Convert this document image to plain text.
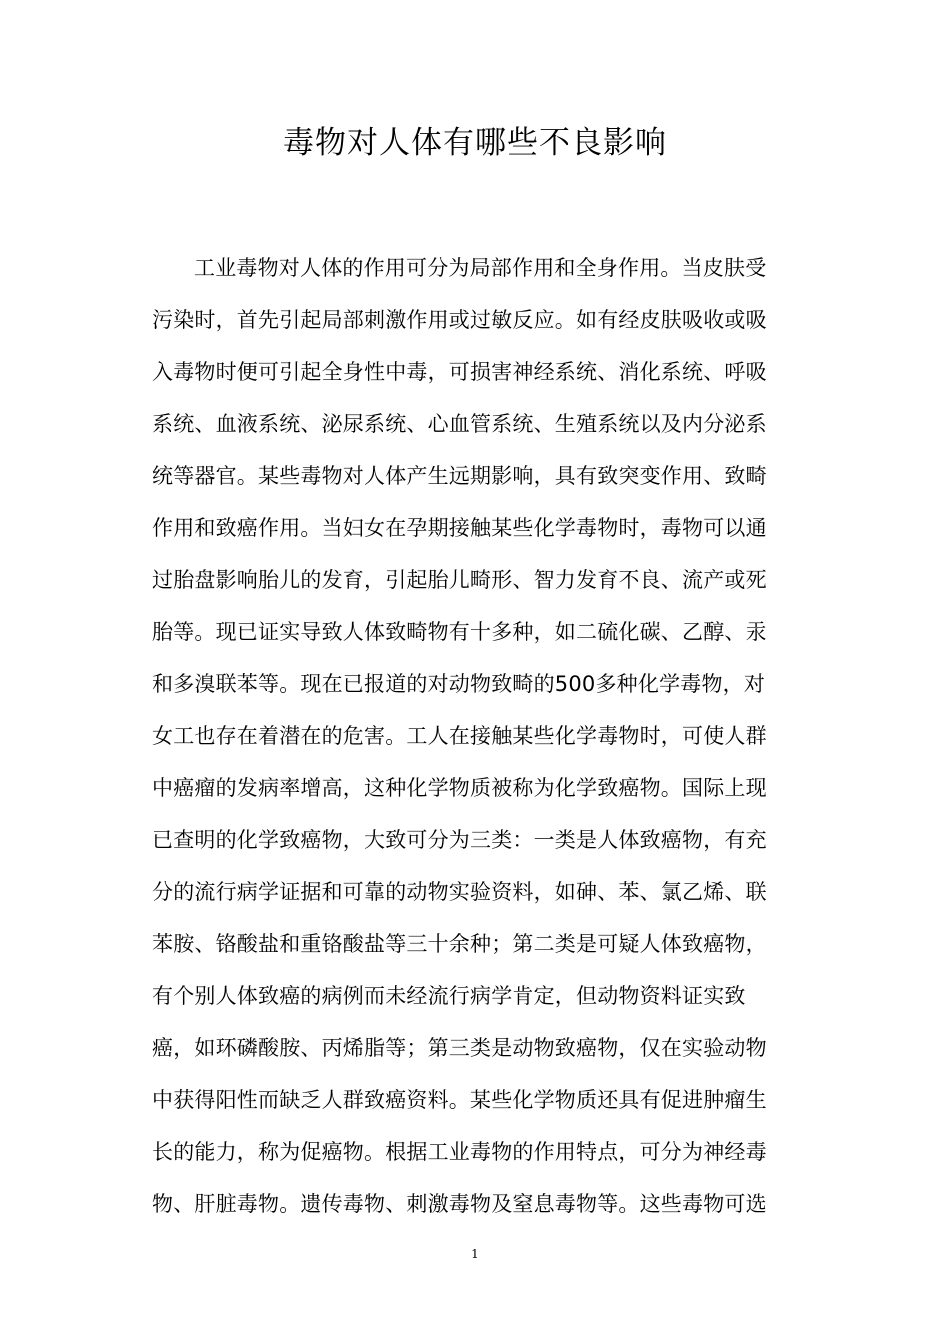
毒物对人体有哪些不良影响
工业毒物对人体的作用可分为局部作用和全身作用。当皮肤受
污染时，首先引起局部刺激作用或过敏反应。如有经皮肤吸收或吸
入毒物时便可引起全身性中毒，可损害神经系统、消化系统、呼吸
系统、血液系统、泌尿系统、心血管系统、生殖系统以及内分泌系
统等器官。某些毒物对人体产生远期影响，具有致突变作用、致畸
作用和致癌作用。当妇女在孕期接触某些化学毒物时，毒物可以通
过胎盘影响胎儿的发育，引起胎儿畸形、智力发育不良、流产或死
胎等。现已证实导致人体致畸物有十多种，如二硫化碳、乙醇、汞
和多溴联苯等。现在已报道的对动物致畸的500多种化学毒物，对
女工也存在着潜在的危害。工人在接触某些化学毒物时，可使人群
中癌瘤的发病率增高，这种化学物质被称为化学致癌物。国际上现
已查明的化学致癌物，大致可分为三类：一类是人体致癌物，有充
分的流行病学证据和可靠的动物实验资料，如砷、苯、氯乙烯、联
苯胺、铬酸盐和重铬酸盐等三十余种；第二类是可疑人体致癌物，
有个别人体致癌的病例而未经流行病学肯定，但动物资料证实致
癌，如环磷酸胺、丙烯脂等；第三类是动物致癌物，仅在实验动物
中获得阳性而缺乏人群致癌资料。某些化学物质还具有促进肿瘤生
长的能力，称为促癌物。根据工业毒物的作用特点，可分为神经毒
物、肝脏毒物。遗传毒物、刺激毒物及窒息毒物等。这些毒物可选
1
